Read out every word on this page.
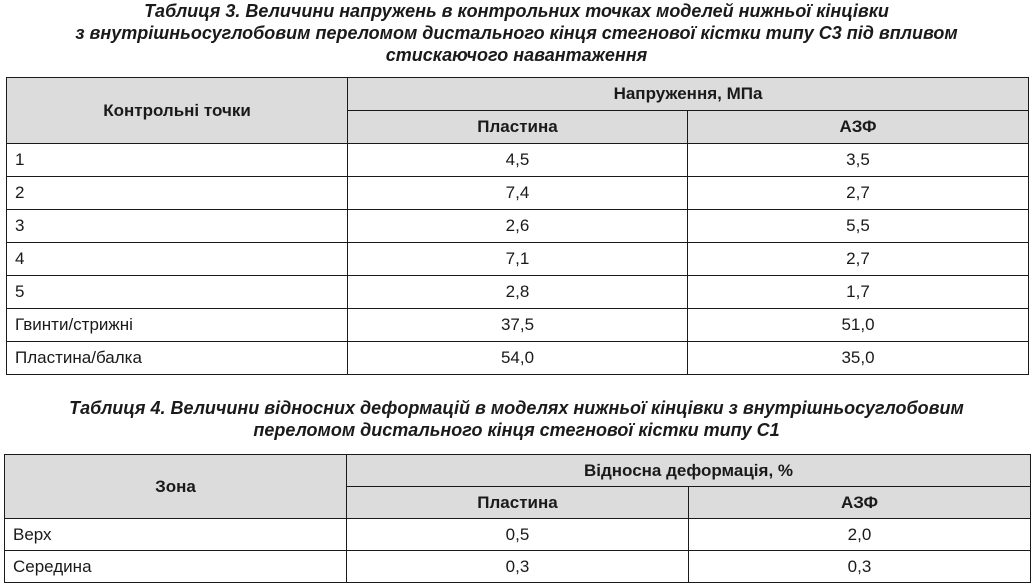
Таблиця 3. Величини напружень в контрольних точках моделей нижньої кінцівки
з внутрішньосуглобовим переломом дистального кінця стегнової кістки типу С3 під впливом
стискаючого навантаження
Контрольні точки	Напруження, МПа	
	Пластина	АЗФ
1	4,5	3,5
2	7,4	2,7
3	2,6	5,5
4	7,1	2,7
5	2,8	1,7
Гвинти/стрижні	37,5	51,0
Пластина/балка	54,0	35,0
Таблиця 4. Величини відносних деформацій в моделях нижньої кінцівки з внутрішньосуглобовим
переломом дистального кінця стегнової кістки типу С1
Зона	Відносна деформація, %	
	Пластина	АЗФ
Верх	0,5	2,0
Середина	0,3	0,3
